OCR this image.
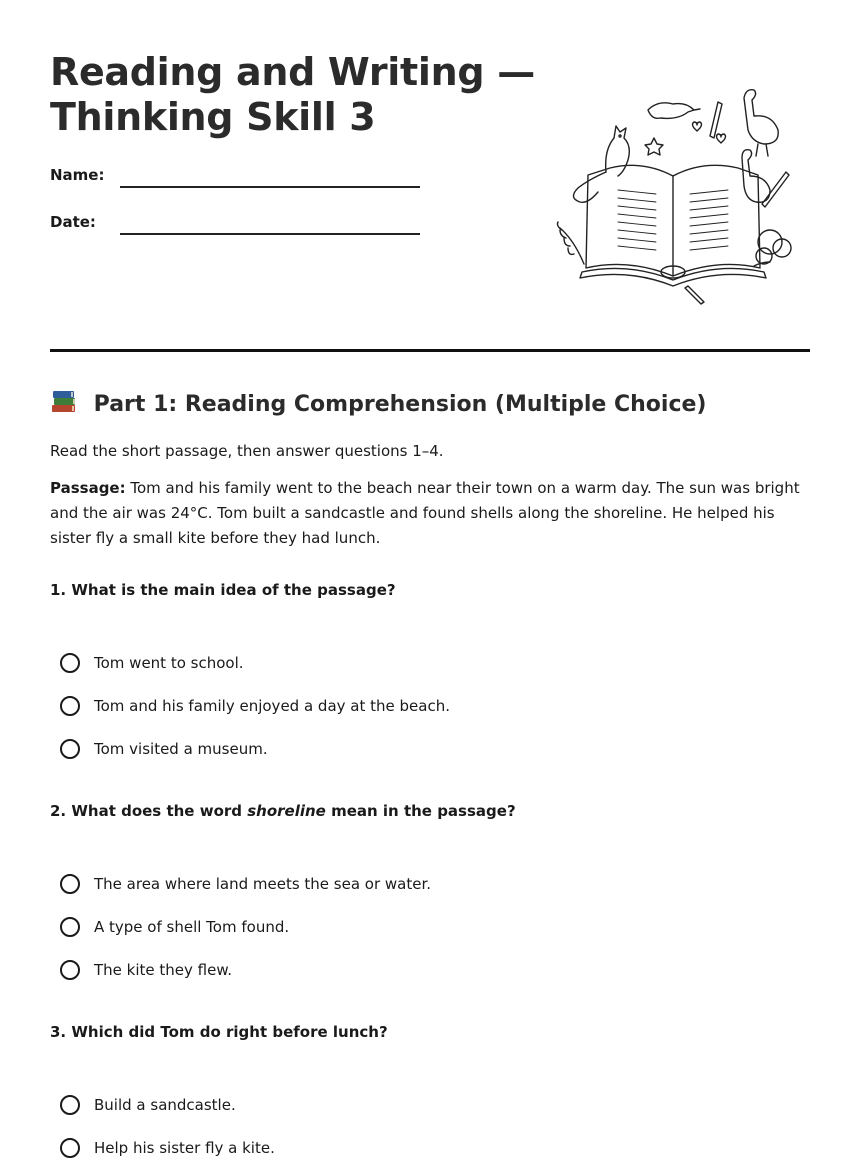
Reading and Writing —
Thinking Skill 3
Name:
Date:
Part 1: Reading Comprehension (Multiple Choice)

Read the short passage, then answer questions 1–4.

Passage: Tom and his family went to the beach near their town on a warm day. The sun was bright and the air was 24°C. Tom built a sandcastle and found shells along the shoreline. He helped his sister fly a small kite before they had lunch.

1. What is the main idea of the passage?

Tom went to school.
Tom and his family enjoyed a day at the beach.
Tom visited a museum.

2. What does the word shoreline mean in the passage?

The area where land meets the sea or water.
A type of shell Tom found.
The kite they flew.

3. Which did Tom do right before lunch?

Build a sandcastle.
Help his sister fly a kite.
